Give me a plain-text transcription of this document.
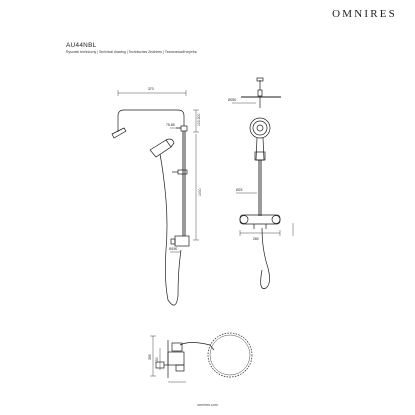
OMNIRES
AU44NBL
Rysunek techniczny | Technical drawing | Technisches Zeichnen | Технический чертёж
370
100-300
75-85
1000
Ø150
Ø250
Ø23
280
395
150
omnires.com
